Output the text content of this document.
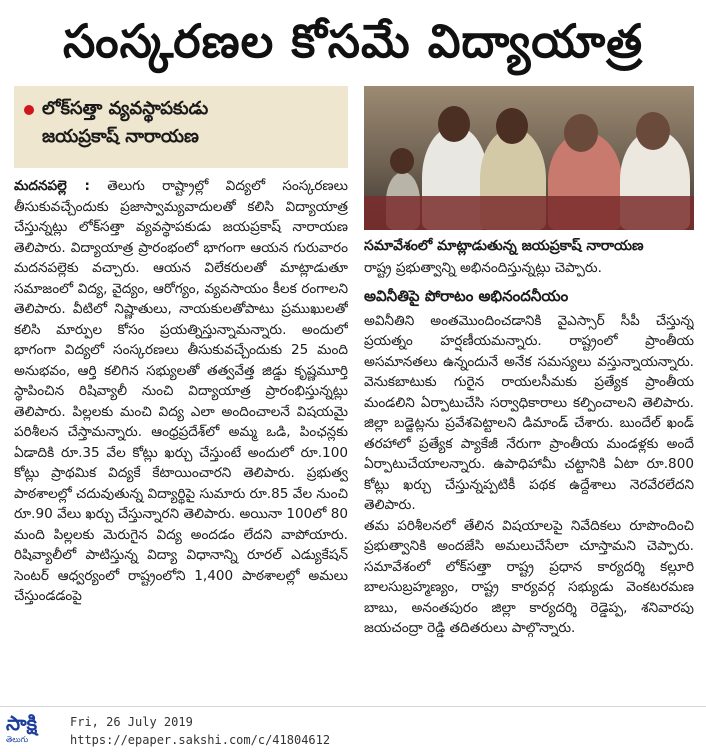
సంస్కరణల కోసమే విద్యాయాత్ర
లోక్‌సత్తా వ్యవస్థాపకుడు
జయప్రకాష్ నారాయణ
సమావేశంలో మాట్లాడుతున్న జయప్రకాష్ నారాయణ

మదనపల్లె : తెలుగు రాష్ట్రాల్లో విద్యలో సంస్కరణలు తీసుకువచ్చేందుకు ప్రజాస్వామ్యవాదులతో కలిసి విద్యాయాత్ర చేస్తున్నట్లు లోక్‌సత్తా వ్యవస్థాపకుడు జయప్రకాష్ నారాయణ తెలిపారు. విద్యాయాత్ర ప్రారంభంలో భాగంగా ఆయన గురువారం మదనపల్లెకు వచ్చారు. ఆయన విలేకరులతో మాట్లాడుతూ సమాజంలో విద్య, వైద్యం, ఆరోగ్యం, వ్యవసాయం కీలక రంగాలని తెలిపారు. వీటిలో నిష్ణాతులు, నాయకులతోపాటు ప్రముఖులతో కలిసి మార్పుల కోసం ప్రయత్నిస్తున్నామన్నారు. అందులో భాగంగా విద్యలో సంస్కరణలు తీసుకువచ్చేందుకు 25 మంది అనుభవం, ఆర్తి కలిగిన సభ్యులతో తత్వవేత్త జిడ్డు కృష్ణమూర్తి స్థాపించిన రిషివ్యాలీ నుంచి విద్యాయాత్ర ప్రారంభిస్తున్నట్లు తెలిపారు. పిల్లలకు మంచి విద్య ఎలా అందించాలనే విషయమై పరిశీలన చేస్తామన్నారు. ఆంధ్రప్రదేశ్‌లో అమ్మ ఒడి, పింఛన్లకు ఏడాదికి రూ.35 వేల కోట్లు ఖర్చు చేస్తుంటే అందులో రూ.100 కోట్లు ప్రాథమిక విద్యకే కేటాయించారని తెలిపారు. ప్రభుత్వ పాఠశాలల్లో చదువుతున్న విద్యార్థిపై సుమారు రూ.85 వేల నుంచి రూ.90 వేలు ఖర్చు చేస్తున్నారని తెలిపారు. అయినా 100లో 80 మంది పిల్లలకు మెరుగైన విద్య అందడం లేదని వాపోయారు. రిషివ్యాలీలో పాటిస్తున్న విద్యా విధానాన్ని రూరల్ ఎడ్యుకేషన్ సెంటర్ ఆధ్వర్యంలో రాష్ట్రంలోని 1,400 పాఠశాలల్లో అమలు చేస్తుండడంపై

రాష్ట్ర ప్రభుత్వాన్ని అభినందిస్తున్నట్లు చెప్పారు.

అవినీతిపై పోరాటం అభినందనీయం

అవినీతిని అంతమొందించడానికి వైఎస్సార్ సీపీ చేస్తున్న ప్రయత్నం హర్షణీయమన్నారు. రాష్ట్రంలో ప్రాంతీయ అసమానతలు ఉన్నందునే అనేక సమస్యలు వస్తున్నాయన్నారు. వెనుకబాటుకు గురైన రాయలసీమకు ప్రత్యేక ప్రాంతీయ మండలిని ఏర్పాటుచేసి సర్వాధికారాలు కల్పించాలని తెలిపారు. జిల్లా బడ్జెట్లను ప్రవేశపెట్టాలని డిమాండ్ చేశారు. బుందేల్ ఖండ్ తరహాలో ప్రత్యేక ప్యాకేజీ నేరుగా ప్రాంతీయ మండళ్లకు అందే ఏర్పాటుచేయాలన్నారు. ఉపాధిహామీ చట్టానికి ఏటా రూ.800 కోట్లు ఖర్చు చేస్తున్నప్పటికీ పథక ఉద్దేశాలు నెరవేరలేదని తెలిపారు.

తమ పరిశీలనలో తేలిన విషయాలపై నివేదికలు రూపొందించి ప్రభుత్వానికి అందజేసి అమలుచేసేలా చూస్తామని చెప్పారు. సమావేశంలో లోక్‌సత్తా రాష్ట్ర ప్రధాన కార్యదర్శి కల్లూరి బాలసుబ్రహ్మణ్యం, రాష్ట్ర కార్యవర్గ సభ్యుడు వెంకటరమణ బాబు, అనంతపురం జిల్లా కార్యదర్శి రెడ్డెప్ప, శనివారపు జయచంద్రా రెడ్డి తదితరులు పాల్గొన్నారు.

సాక్షి
తెలుగు
Fri, 26 July 2019
https://epaper.sakshi.com/c/41804612
